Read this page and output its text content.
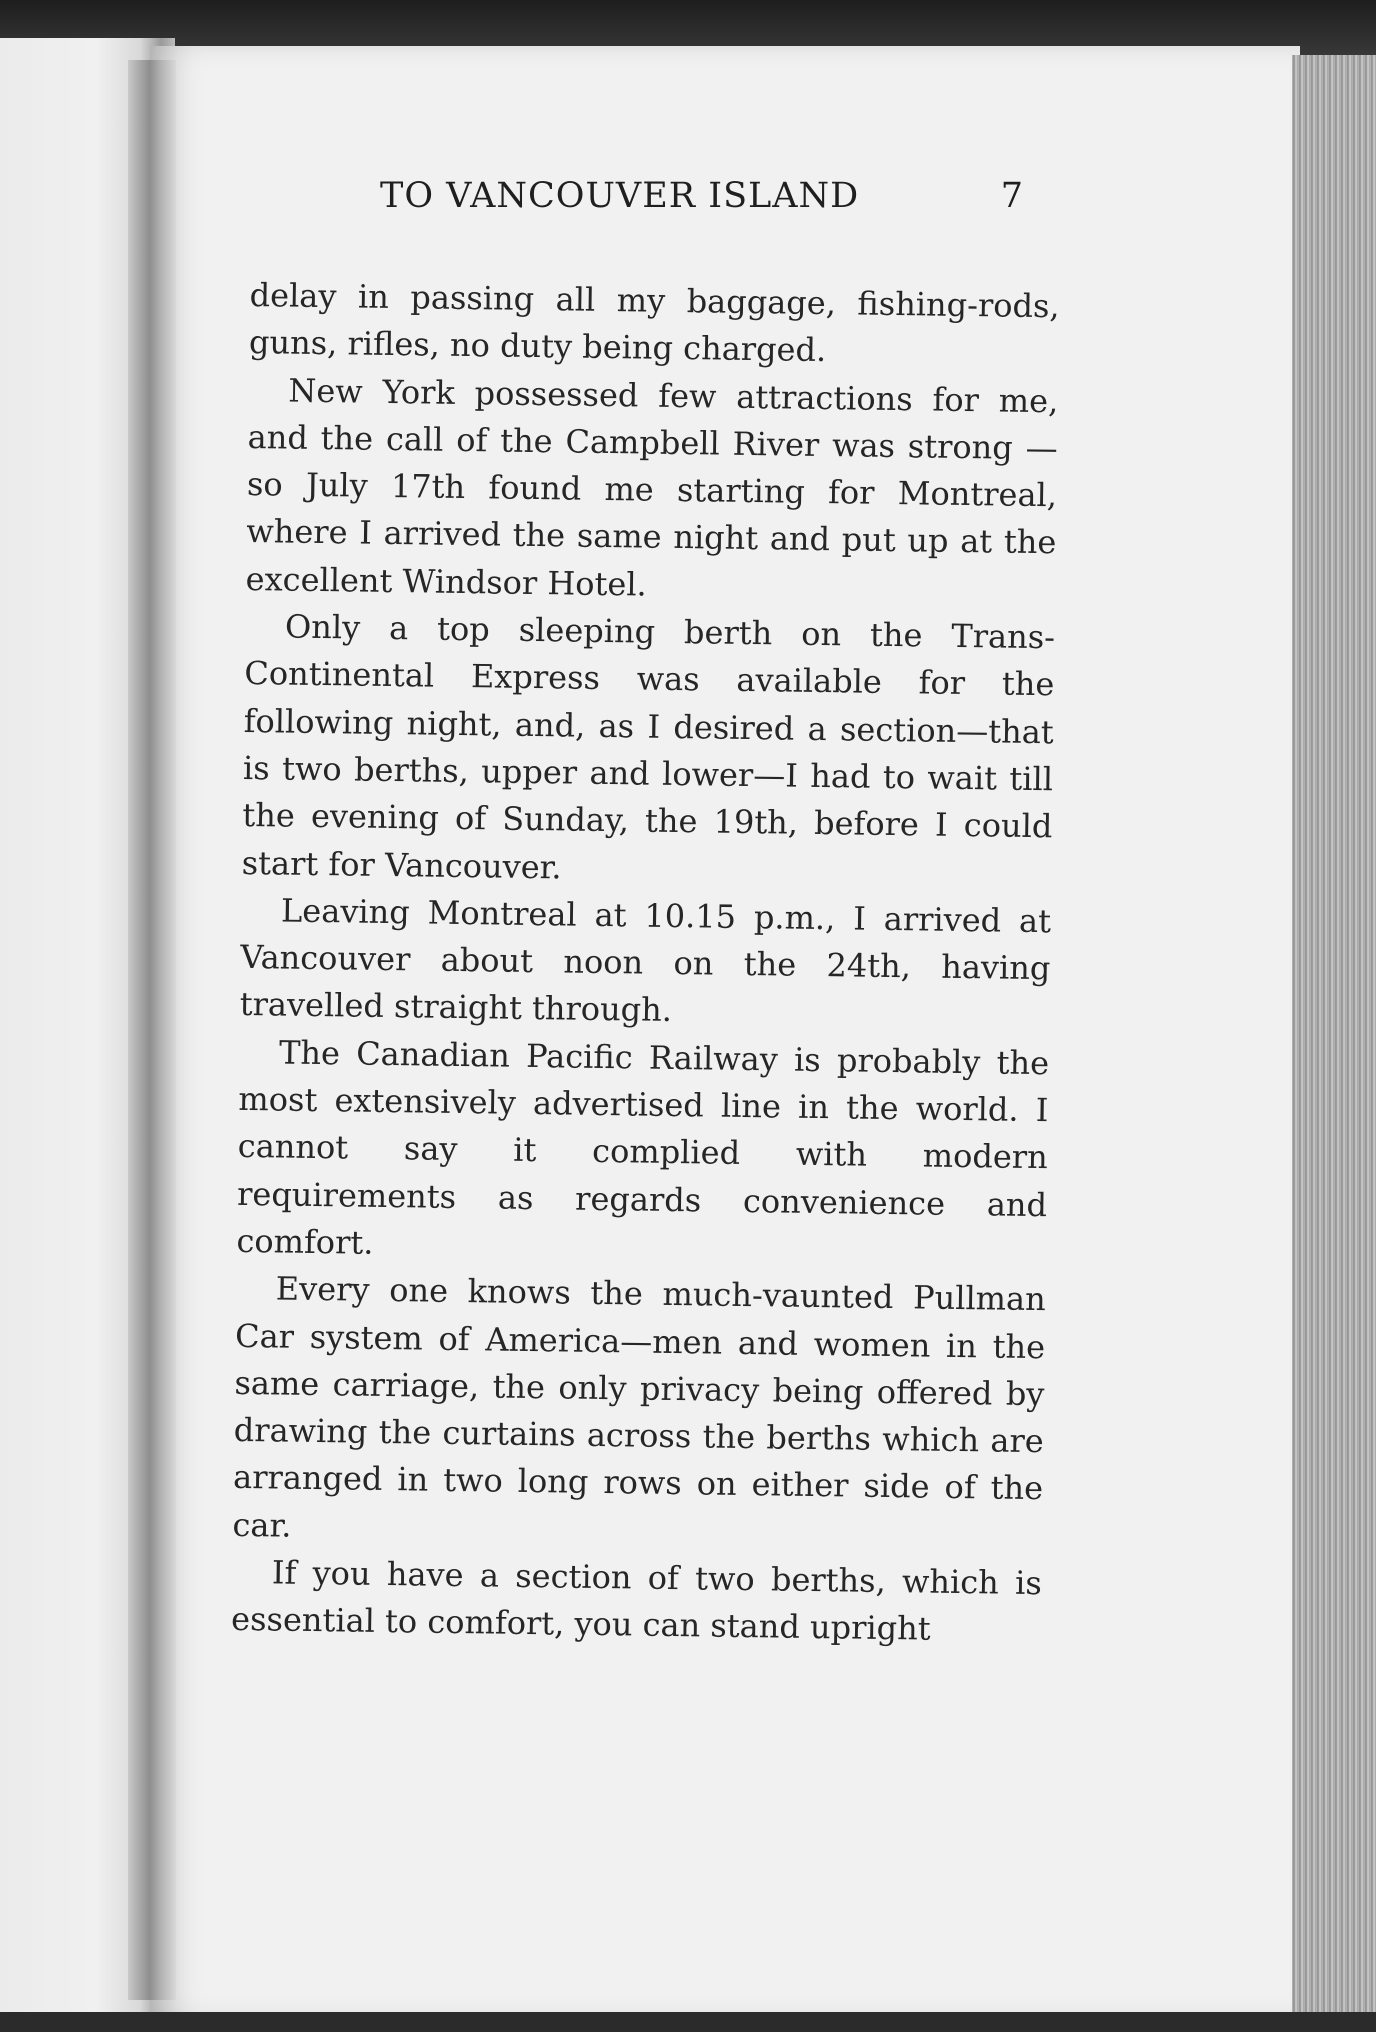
TO VANCOUVER ISLAND	7

delay in passing all my baggage, fishing-rods, guns, rifles, no duty being charged.

New York possessed few attractions for me, and the call of the Campbell River was strong —so July 17th found me starting for Montreal, where I arrived the same night and put up at the excellent Windsor Hotel.

Only a top sleeping berth on the Trans-Continental Express was available for the following night, and, as I desired a section—that is two berths, upper and lower—I had to wait till the evening of Sunday, the 19th, before I could start for Vancouver.

Leaving Montreal at 10.15 p.m., I arrived at Vancouver about noon on the 24th, having travelled straight through.

The Canadian Pacific Railway is probably the most extensively advertised line in the world. I cannot say it complied with modern requirements as regards convenience and comfort.

Every one knows the much-vaunted Pullman Car system of America—men and women in the same carriage, the only privacy being offered by drawing the curtains across the berths which are arranged in two long rows on either side of the car.

If you have a section of two berths, which is essential to comfort, you can stand upright
